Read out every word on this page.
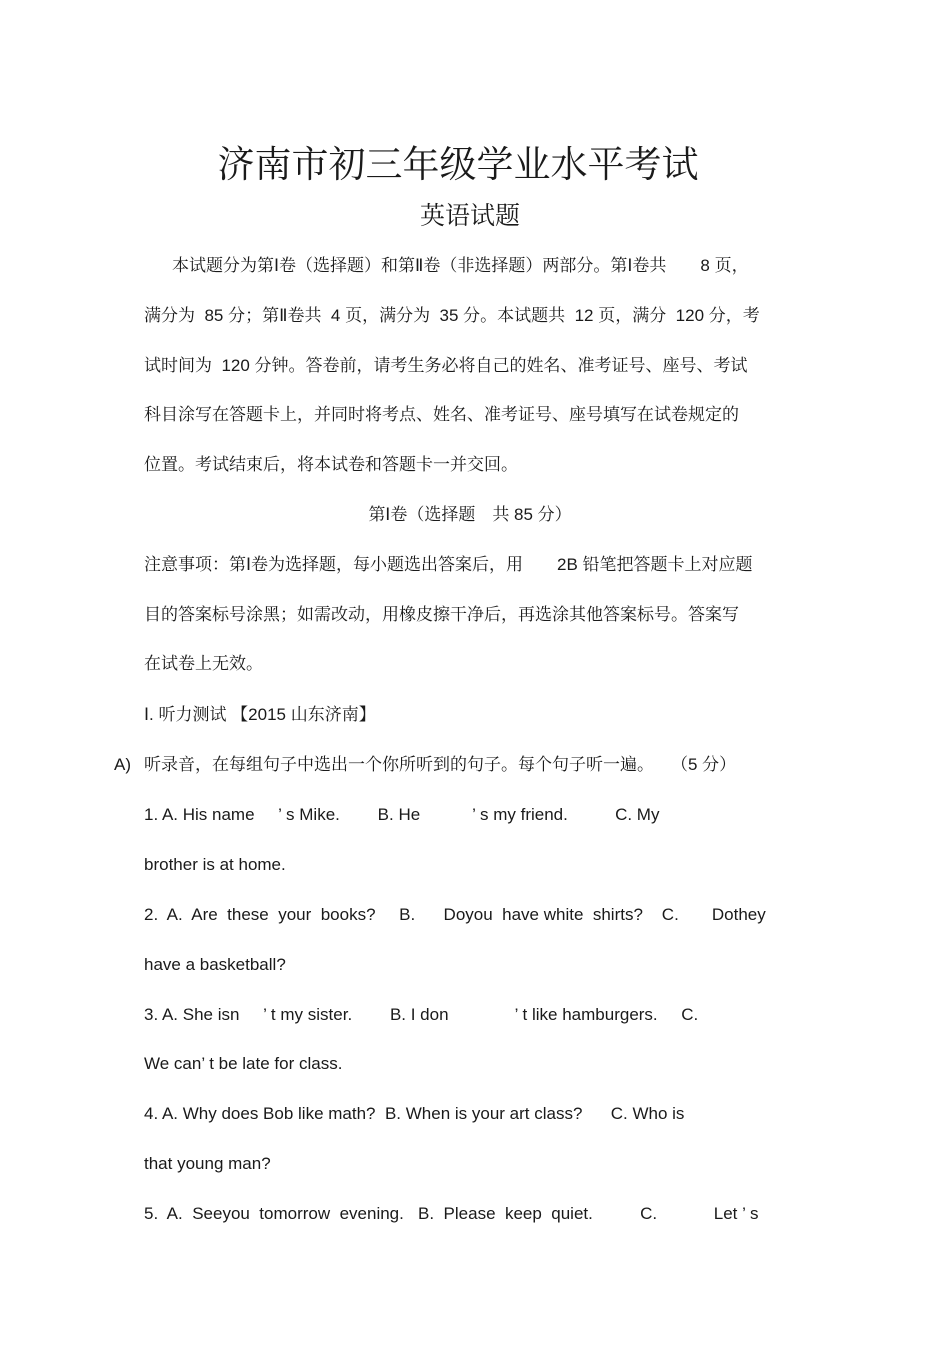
济南市初三年级学业水平考试
英语试题
本试题分为第Ⅰ卷（选择题）和第Ⅱ卷（非选择题）两部分。第Ⅰ卷共　　8 页，
满分为  85 分；第Ⅱ卷共  4 页，满分为  35 分。本试题共  12 页，满分  120 分，考
试时间为  120 分钟。答卷前，请考生务必将自己的姓名、准考证号、座号、考试
科目涂写在答题卡上，并同时将考点、姓名、准考证号、座号填写在试卷规定的
位置。考试结束后，将本试卷和答题卡一并交回。
第Ⅰ卷（选择题　共 85 分）
注意事项：第Ⅰ卷为选择题，每小题选出答案后，用　　2B 铅笔把答题卡上对应题
目的答案标号涂黑；如需改动，用橡皮擦干净后，再选涂其他答案标号。答案写
在试卷上无效。
Ⅰ. 听力测试 【2015 山东济南】
A) 听录音，在每组句子中选出一个你所听到的句子。每个句子听一遍。　　（5 分）
1. A. His name     ’ s Mike.        B. He           ’ s my friend.          C. My
brother is at home.
2.  A.  Are  these  your  books?     B.      Doyou  have white  shirts?    C.       Dothey
have a basketball?
3. A. She isn     ’ t my sister.        B. I don              ’ t like hamburgers.     C.
We can’ t be late for class.
4. A. Why does Bob like math?  B. When is your art class?      C. Who is
that young man?
5.  A.  Seeyou  tomorrow  evening.   B.  Please  keep  quiet.          C.            Let ’ s
